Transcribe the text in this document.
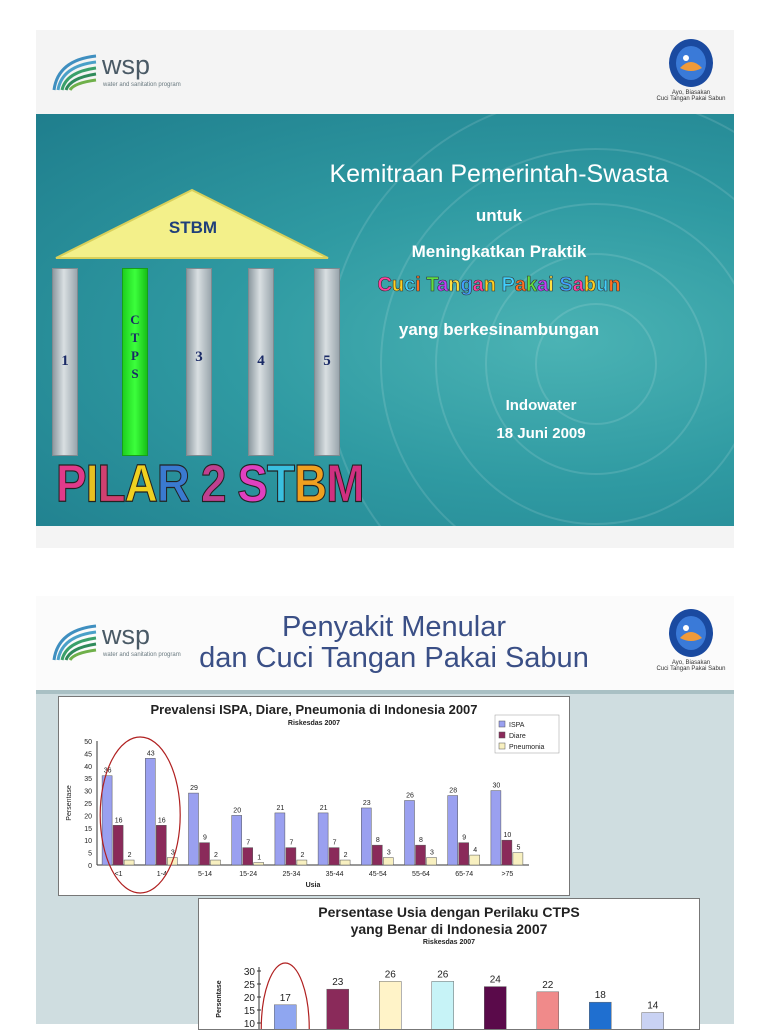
wsp
water and sanitation program
Ayo, Biasakan
Cuci Tangan Pakai Sabun
STBM
1
C
T
P
S
3	4	5
PILAR 2 STBM
Kemitraan Pemerintah-Swasta
untuk
Meningkatkan Praktik
Cuci Tangan Pakai Sabun
yang berkesinambungan
Indowater
18 Juni 2009
wsp
water and sanitation program
Penyakit Menular
dan Cuci Tangan Pakai Sabun	Ayo, Biasakan
Cuci Tangan Pakai Sabun
Prevalensi ISPA, Diare, Pneumonia di Indonesia 2007
Riskesdas 2007
0
5
10
15
20
25
30
35
40
45
50
Persentase
Usia
<1
36
16
2
1-4
43
16
3
5-14
29
9
2
15-24
20
7
1
25-34
21
7
2
35-44
21
7
2
45-54
23
8
3
55-64
26
8
3
65-74
28
9
4
>75
30
10
5
ISPA
Diare
Pneumonia
Persentase Usia dengan Perilaku CTPS
yang Benar di Indonesia 2007
Riskesdas 2007
10
15
20
25
30
Persentase	17
23
26	26	24	22
18
14
